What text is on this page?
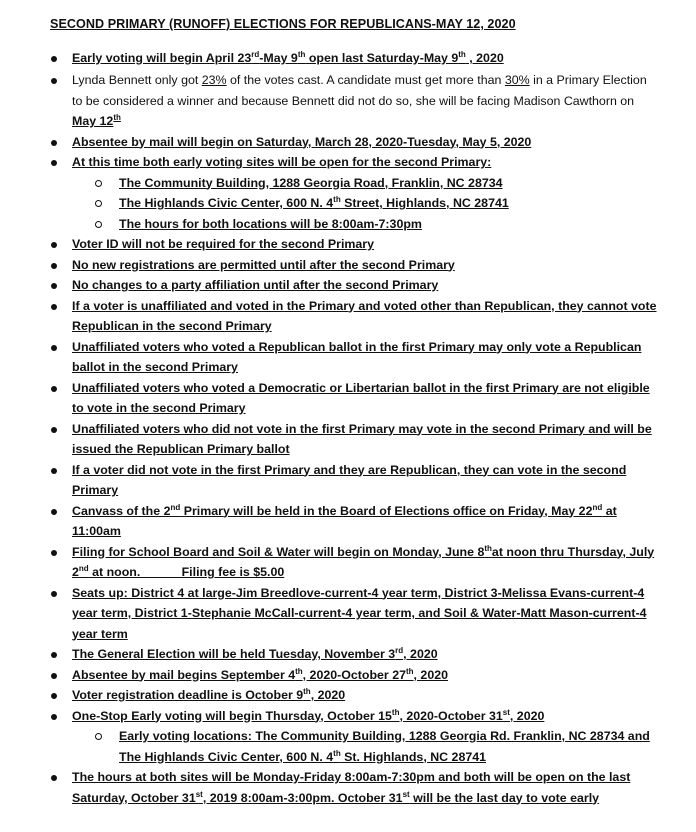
SECOND PRIMARY (RUNOFF) ELECTIONS FOR REPUBLICANS-MAY 12, 2020
Early voting will begin April 23rd-May 9th open last Saturday-May 9th , 2020
Lynda Bennett only got 23% of the votes cast. A candidate must get more than 30% in a Primary Election to be considered a winner and because Bennett did not do so, she will be facing Madison Cawthorn on May 12th
Absentee by mail will begin on Saturday, March 28, 2020-Tuesday, May 5, 2020
At this time both early voting sites will be open for the second Primary:
The Community Building, 1288 Georgia Road, Franklin, NC 28734
The Highlands Civic Center, 600 N. 4th Street, Highlands, NC 28741
The hours for both locations will be 8:00am-7:30pm
Voter ID will not be required for the second Primary
No new registrations are permitted until after the second Primary
No changes to a party affiliation until after the second Primary
If a voter is unaffiliated and voted in the Primary and voted other than Republican, they cannot vote Republican in the second Primary
Unaffiliated voters who voted a Republican ballot in the first Primary may only vote a Republican ballot in the second Primary
Unaffiliated voters who voted a Democratic or Libertarian ballot in the first Primary are not eligible to vote in the second Primary
Unaffiliated voters who did not vote in the first Primary may vote in the second Primary and will be issued the Republican Primary ballot
If a voter did not vote in the first Primary and they are Republican, they can vote in the second Primary
Canvass of the 2nd Primary will be held in the Board of Elections office on Friday, May 22nd at 11:00am
Filing for School Board and Soil & Water will begin on Monday, June 8that noon thru Thursday, July 2nd at noon.            Filing fee is $5.00
Seats up: District 4 at large-Jim Breedlove-current-4 year term, District 3-Melissa Evans-current-4 year term, District 1-Stephanie McCall-current-4 year term, and Soil & Water-Matt Mason-current-4 year term
The General Election will be held Tuesday, November 3rd, 2020
Absentee by mail begins September 4th, 2020-October 27th, 2020
Voter registration deadline is October 9th, 2020
One-Stop Early voting will begin Thursday, October 15th, 2020-October 31st, 2020
Early voting locations: The Community Building, 1288 Georgia Rd. Franklin, NC 28734 and The Highlands Civic Center, 600 N. 4th St. Highlands, NC 28741
The hours at both sites will be Monday-Friday 8:00am-7:30pm and both will be open on the last Saturday, October 31st, 2019 8:00am-3:00pm. October 31st will be the last day to vote early
